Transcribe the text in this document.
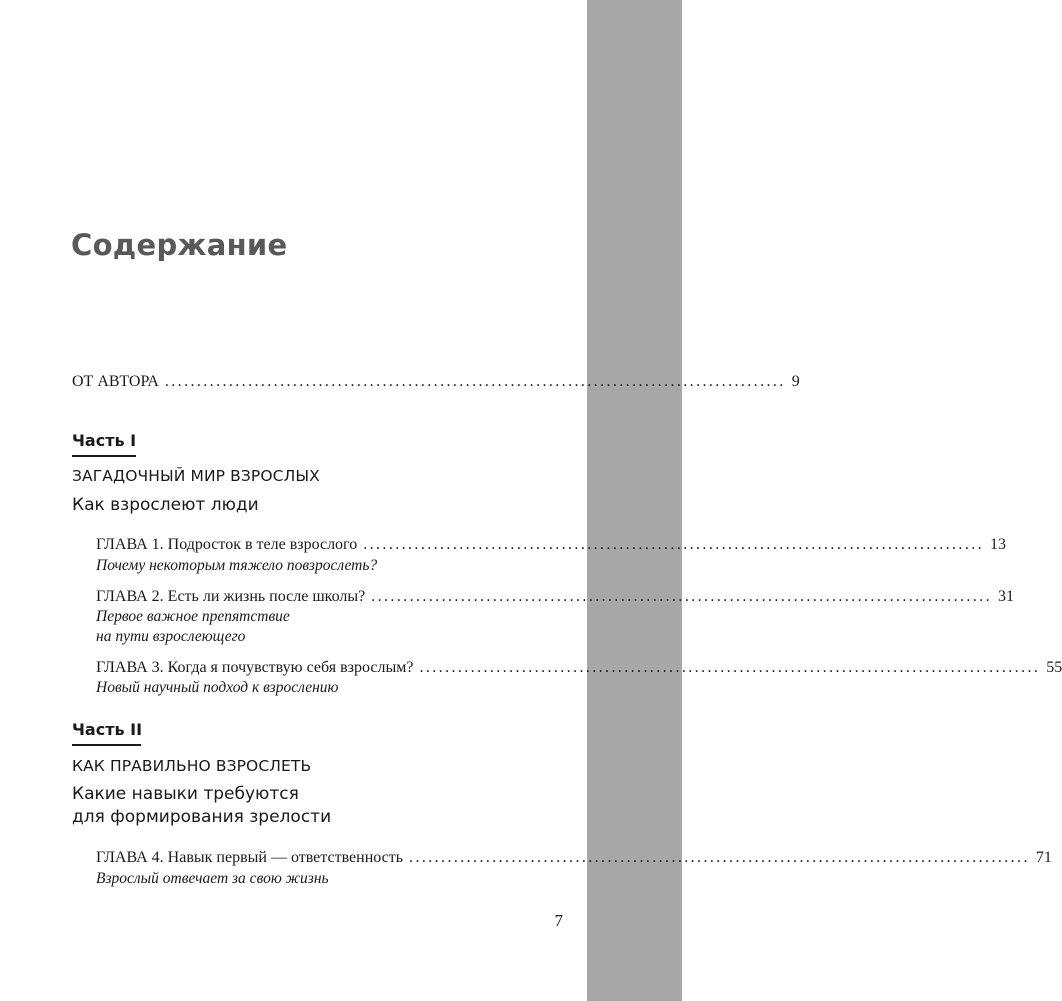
Содержание
ОТ АВТОРА ................................................................................................. 9
Часть I
ЗАГАДОЧНЫЙ МИР ВЗРОСЛЫХ
Как взрослеют люди
ГЛАВА 1. Подросток в теле взрослого ................................................................................................. 13
Почему некоторым тяжело повзрослеть?
ГЛАВА 2. Есть ли жизнь после школы? ................................................................................................. 31
Первое важное препятствие
на пути взрослеющего
ГЛАВА 3. Когда я почувствую себя взрослым? ................................................................................................. 55
Новый научный подход к взрослению
Часть II
КАК ПРАВИЛЬНО ВЗРОСЛЕТЬ
Какие навыки требуются
для формирования зрелости
ГЛАВА 4. Навык первый — ответственность ................................................................................................. 71
Взрослый отвечает за свою жизнь
7
